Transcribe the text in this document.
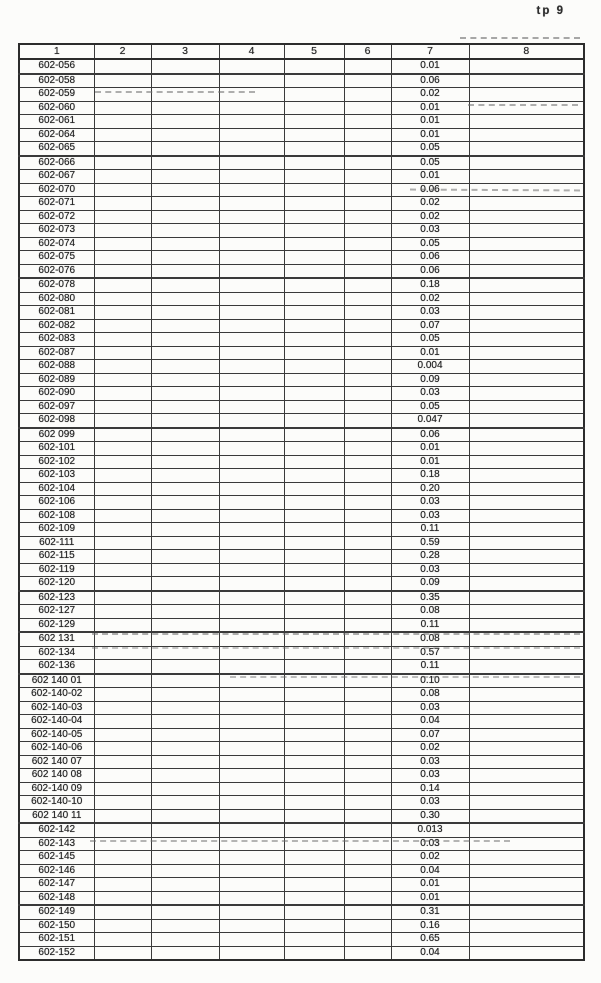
tp 9
1	2	3	4	5	6	7	8
602-056						0.01	
602-058						0.06	
602-059						0.02	
602-060						0.01	
602-061						0.01	
602-064						0.01	
602-065						0.05	
602-066						0.05	
602-067						0.01	
602-070						0.06	
602-071						0.02	
602-072						0.02	
602-073						0.03	
602-074						0.05	
602-075						0.06	
602-076						0.06	
602-078						0.18	
602-080						0.02	
602-081						0.03	
602-082						0.07	
602-083						0.05	
602-087						0.01	
602-088						0.004	
602-089						0.09	
602-090						0.03	
602-097						0.05	
602-098						0.047	
602 099						0.06	
602-101						0.01	
602-102						0.01	
602-103						0.18	
602-104						0.20	
602-106						0.03	
602-108						0.03	
602-109						0.11	
602-111						0.59	
602-115						0.28	
602-119						0.03	
602-120						0.09	
602-123						0.35	
602-127						0.08	
602-129						0.11	
602 131						0.08	
602-134						0.57	
602-136						0.11	
602 140 01						0.10	
602-140-02						0.08	
602-140-03						0.03	
602-140-04						0.04	
602-140-05						0.07	
602-140-06						0.02	
602 140 07						0.03	
602 140 08						0.03	
602-140 09						0.14	
602-140-10						0.03	
602 140 11						0.30	
602-142						0.013	
602-143						0.03	
602-145						0.02	
602-146						0.04	
602-147						0.01	
602-148						0.01	
602-149						0.31	
602-150						0.16	
602-151						0.65	
602-152						0.04	
